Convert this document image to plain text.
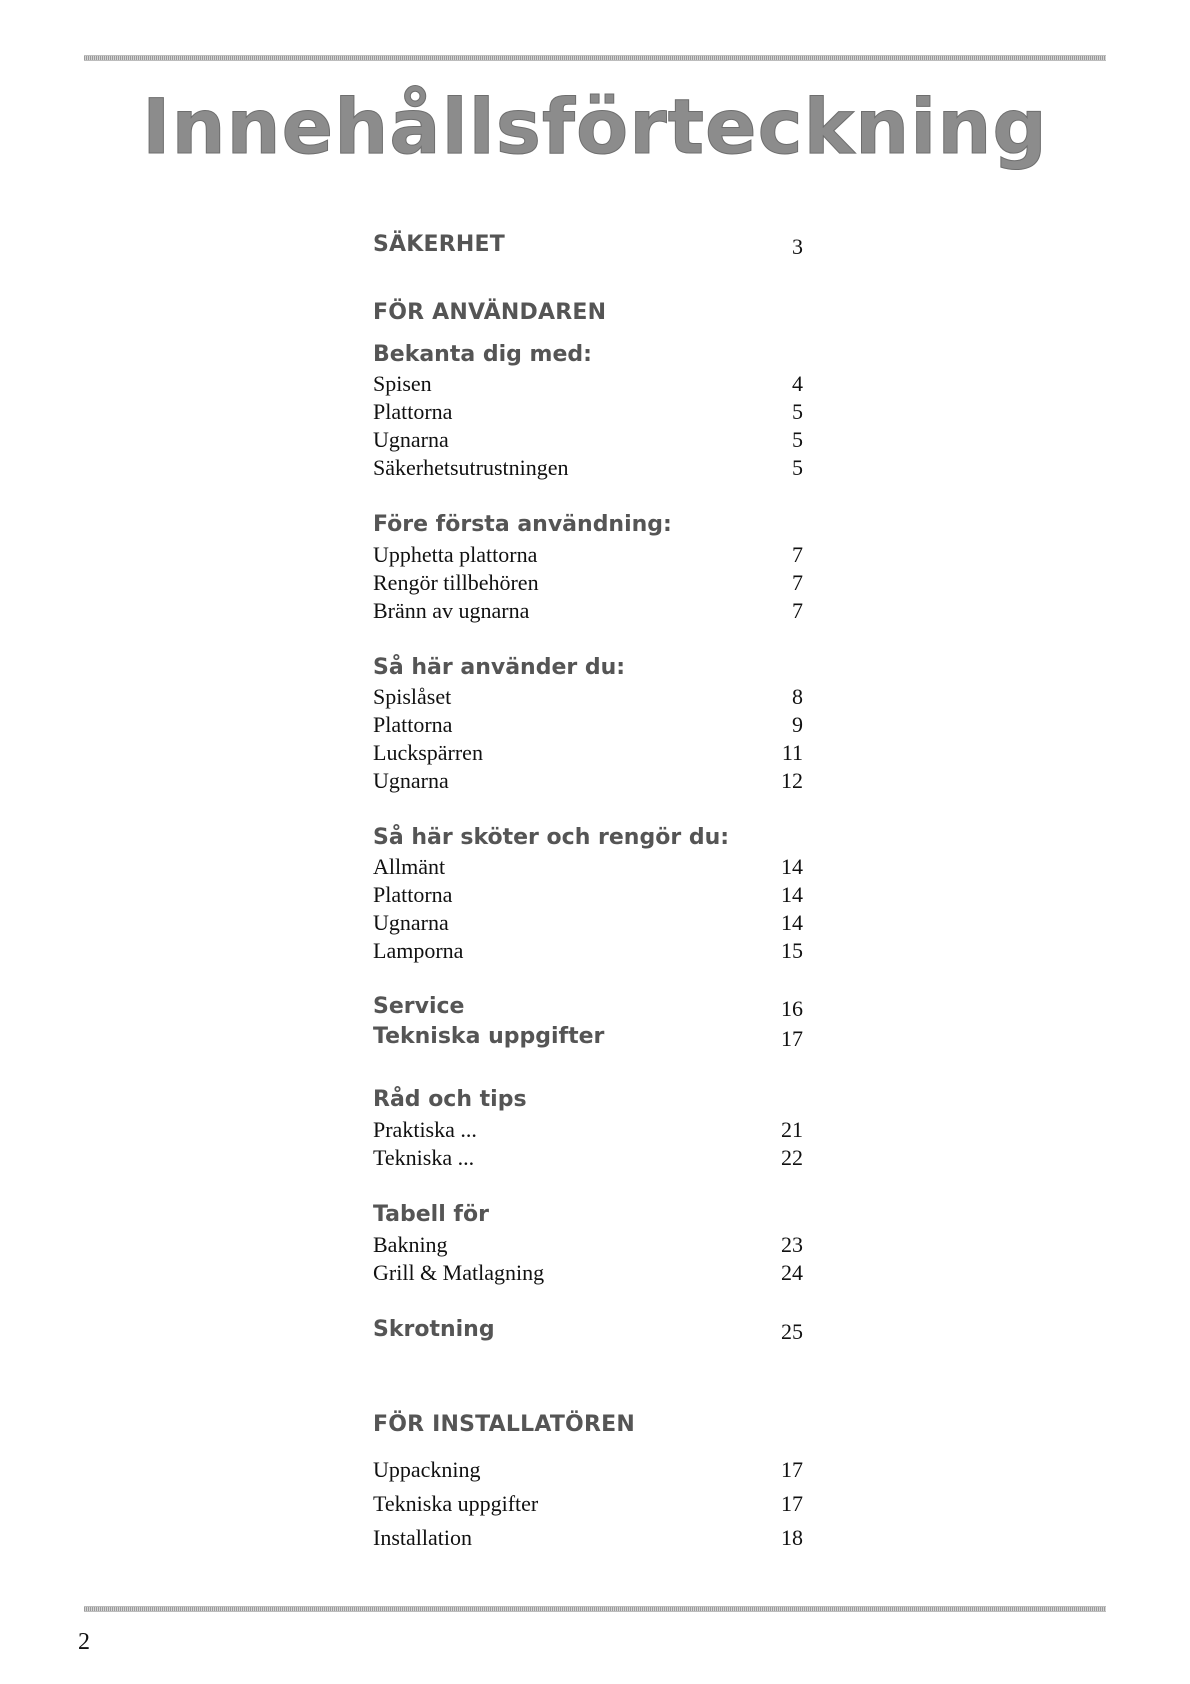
Innehållsförteckning
SÄKERHET	3
FÖR ANVÄNDAREN
Bekanta dig med:
Spisen	4
Plattorna	5
Ugnarna	5
Säkerhetsutrustningen	5
Före första användning:
Upphetta plattorna	7
Rengör tillbehören	7
Bränn av ugnarna	7
Så här använder du:
Spislåset	8
Plattorna	9
Luckspärren	11
Ugnarna	12
Så här sköter och rengör du:
Allmänt	14
Plattorna	14
Ugnarna	14
Lamporna	15
Service	16
Tekniska uppgifter	17
Råd och tips
Praktiska ...	21
Tekniska ...	22
Tabell för
Bakning	23
Grill & Matlagning	24
Skrotning	25
FÖR INSTALLATÖREN
Uppackning	17
Tekniska uppgifter	17
Installation	18
2
